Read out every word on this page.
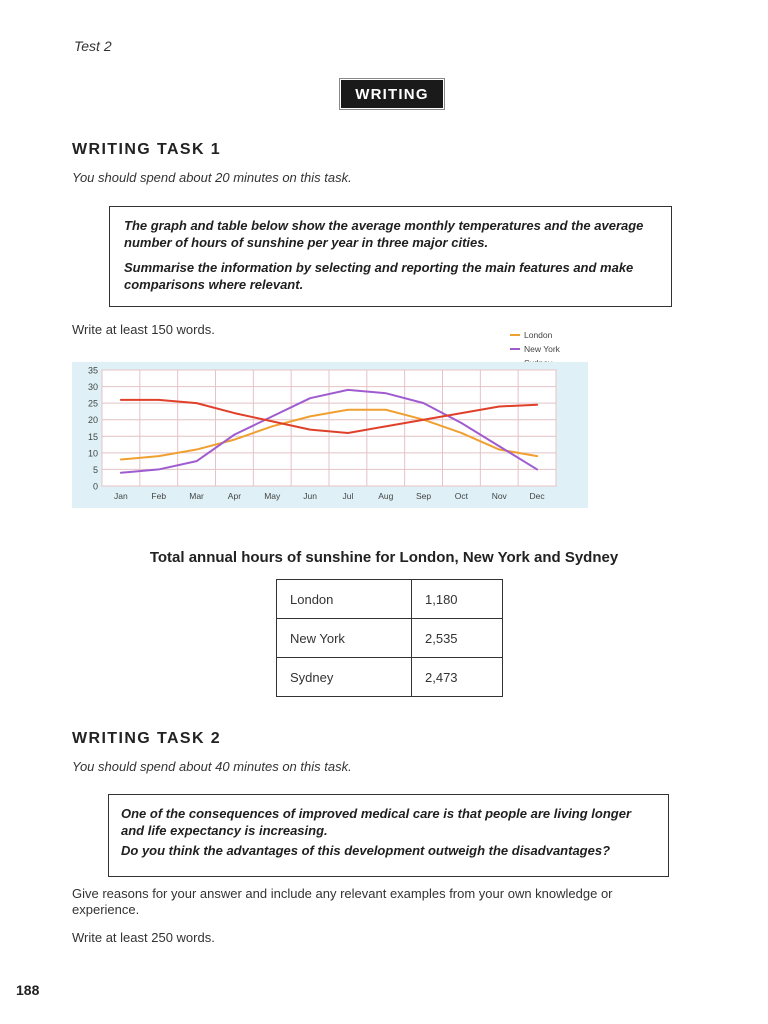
Test 2
WRITING
WRITING TASK 1
You should spend about 20 minutes on this task.

The graph and table below show the average monthly temperatures and the average number of hours of sunshine per year in three major cities.

Summarise the information by selecting and reporting the main features and make comparisons where relevant.

Write at least 150 words.	London
New York
0
5
10
15
20
25
30
35
Jan	Feb	Mar	Apr	May	Jun	Jul	Aug	Sep	Oct	Nov	Dec
Total annual hours of sunshine for London, New York and Sydney
London	1,180
New York	2,535
Sydney	2,473
WRITING TASK 2
You should spend about 40 minutes on this task.

One of the consequences of improved medical care is that people are living longer and life expectancy is increasing.

Do you think the advantages of this development outweigh the disadvantages?

Give reasons for your answer and include any relevant examples from your own knowledge or experience.
Write at least 250 words.
188
